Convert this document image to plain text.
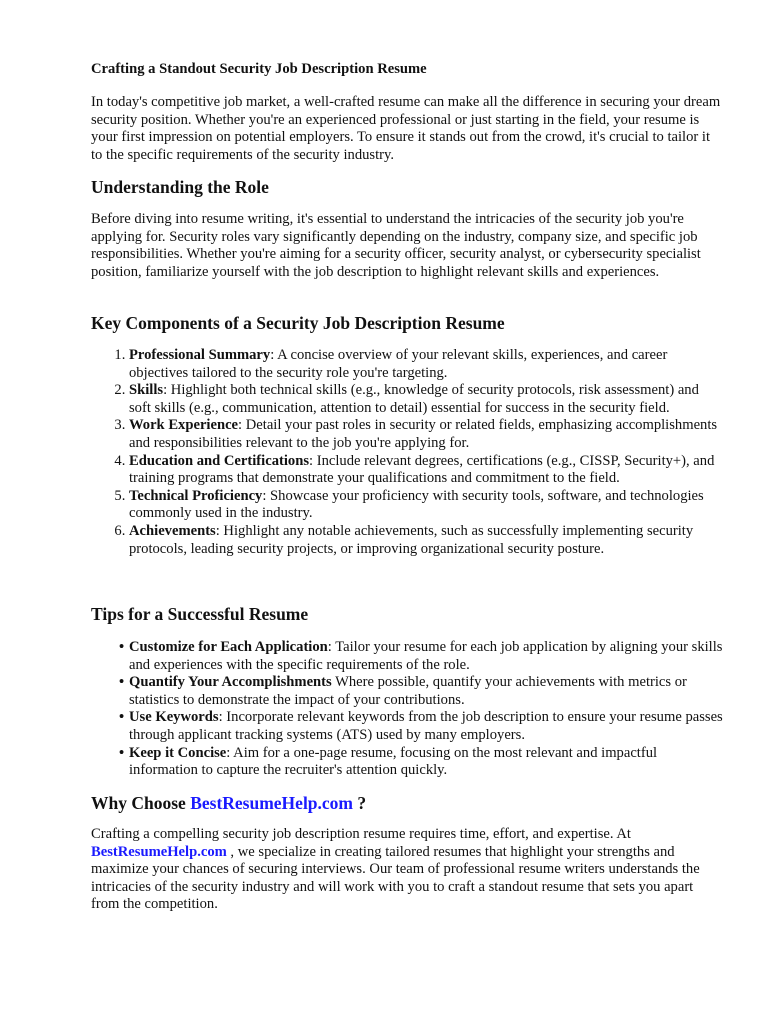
Crafting a Standout Security Job Description Resume
In today's competitive job market, a well-crafted resume can make all the difference in securing your dream security position. Whether you're an experienced professional or just starting in the field, your resume is your first impression on potential employers. To ensure it stands out from the crowd, it's crucial to tailor it to the specific requirements of the security industry.
Understanding the Role
Before diving into resume writing, it's essential to understand the intricacies of the security job you're applying for. Security roles vary significantly depending on the industry, company size, and specific job responsibilities. Whether you're aiming for a security officer, security analyst, or cybersecurity specialist position, familiarize yourself with the job description to highlight relevant skills and experiences.
Key Components of a Security Job Description Resume
1. Professional Summary: A concise overview of your relevant skills, experiences, and career objectives tailored to the security role you're targeting.
2. Skills: Highlight both technical skills (e.g., knowledge of security protocols, risk assessment) and soft skills (e.g., communication, attention to detail) essential for success in the security field.
3. Work Experience: Detail your past roles in security or related fields, emphasizing accomplishments and responsibilities relevant to the job you're applying for.
4. Education and Certifications: Include relevant degrees, certifications (e.g., CISSP, Security+), and training programs that demonstrate your qualifications and commitment to the field.
5. Technical Proficiency: Showcase your proficiency with security tools, software, and technologies commonly used in the industry.
6. Achievements: Highlight any notable achievements, such as successfully implementing security protocols, leading security projects, or improving organizational security posture.
Tips for a Successful Resume
• Customize for Each Application: Tailor your resume for each job application by aligning your skills and experiences with the specific requirements of the role.
• Quantify Your Accomplishments Where possible, quantify your achievements with metrics or statistics to demonstrate the impact of your contributions.
• Use Keywords: Incorporate relevant keywords from the job description to ensure your resume passes through applicant tracking systems (ATS) used by many employers.
• Keep it Concise: Aim for a one-page resume, focusing on the most relevant and impactful information to capture the recruiter's attention quickly.
Why Choose BestResumeHelp.com ?
Crafting a compelling security job description resume requires time, effort, and expertise. At BestResumeHelp.com , we specialize in creating tailored resumes that highlight your strengths and maximize your chances of securing interviews. Our team of professional resume writers understands the intricacies of the security industry and will work with you to craft a standout resume that sets you apart from the competition.
